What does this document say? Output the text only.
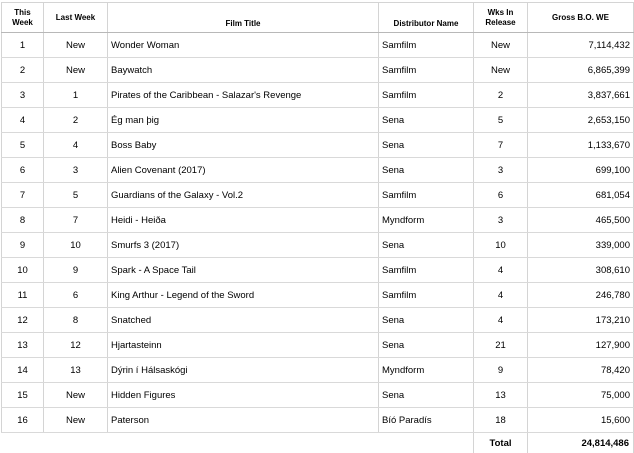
This Week	Last Week	Film Title	Distributor Name	Wks In Release	Gross B.O. WE
1	New	Wonder Woman	Samfilm	New	7,114,432
2	New	Baywatch	Samfilm	New	6,865,399
3	1	Pirates of the Caribbean - Salazar's Revenge	Samfilm	2	3,837,661
4	2	Ég man þig	Sena	5	2,653,150
5	4	Boss Baby	Sena	7	1,133,670
6	3	Alien Covenant (2017)	Sena	3	699,100
7	5	Guardians of the Galaxy - Vol.2	Samfilm	6	681,054
8	7	Heidi - Heiða	Myndform	3	465,500
9	10	Smurfs 3 (2017)	Sena	10	339,000
10	9	Spark - A Space Tail	Samfilm	4	308,610
11	6	King Arthur - Legend of the Sword	Samfilm	4	246,780
12	8	Snatched	Sena	4	173,210
13	12	Hjartasteinn	Sena	21	127,900
14	13	Dýrin í Hálsaskógi	Myndform	9	78,420
15	New	Hidden Figures	Sena	13	75,000
16	New	Paterson	Bíó Paradís	18	15,600
				Total	24,814,486
